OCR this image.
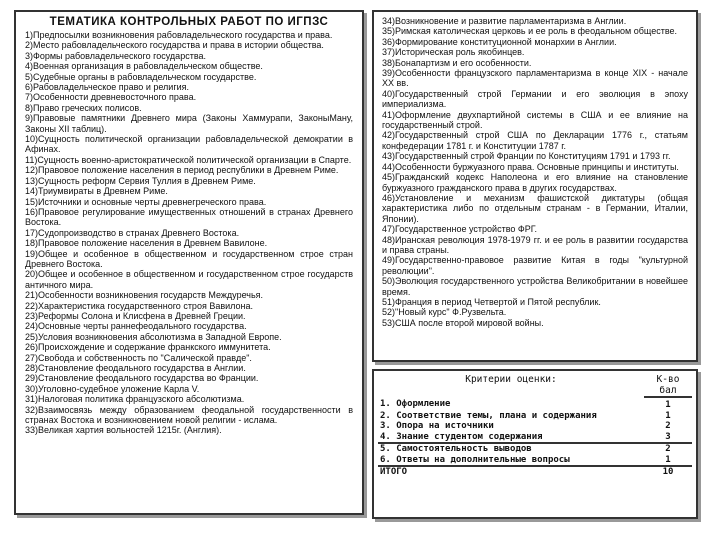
ТЕМАТИКА КОНТРОЛЬНЫХ РАБОТ ПО ИГПЗС

1)Предпосылки возникновения рабовладельческого государства и права.

2)Место рабовладельческого государства и права в истории общества.

3)Формы рабовладельческого государства.

4)Военная организация в рабовладельческом обществе.

5)Судебные органы в рабовладельческом государстве.

6)Рабовладельческое право и религия.

7)Особенности древневосточного права.

8)Право греческих полисов.

9)Правовые памятники Древнего мира (Законы Хаммурапи, ЗаконыМану, Законы XII таблиц).

10)Сущность политической организации рабовладельческой демократии в Афинах.

11)Сущность военно-аристократической политической организации в Спарте.

12)Правовое положение населения в период республики в Древнем Риме.

13)Сущность реформ Сервия Туллия в Древнем Риме.

14)Триумвираты в Древнем Риме.

15)Источники и основные черты древнегреческого права.

16)Правовое регулирование имущественных отношений в странах Древнего Востока.

17)Судопроизводство в странах Древнего Востока.

18)Правовое положение населения в Древнем Вавилоне.

19)Общее и особенное в общественном и государственном строе стран Древнего Востока.

20)Общее и особенное в общественном и государственном строе государств античного мира.

21)Особенности возникновения государств Междуречья.

22)Характеристика государственного строя Вавилона.

23)Реформы Солона и Клисфена в Древней Греции.

24)Основные черты раннефеодального государства.

25)Условия возникновения абсолютизма в Западной Европе.

26)Происхождение и содержание франкского иммунитета.

27)Свобода и собственность по "Салической правде".

28)Становление феодального государства в Англии.

29)Становление феодального государства во Франции.

30)Уголовно-судебное уложение Карла V.

31)Налоговая политика французского абсолютизма.

32)Взаимосвязь между образованием феодальной государственности в странах Востока и возникновением новой религии - ислама.

33)Великая хартия вольностей 1215г. (Англия).

34)Возникновение и развитие парламентаризма в Англии.

35)Римская католическая церковь и ее роль в феодальном обществе.

36)Формирование конституционной монархии в Англии.

37)Историческая роль якобинцев.

38)Бонапартизм и его особенности.

39)Особенности французского парламентаризма в конце XIX - начале XX вв.

40)Государственный строй Германии и его эволюция в эпоху империализма.

41)Оформление двухпартийной системы в США и ее влияние на государственный строй.

42)Государственный строй США по Декларации 1776 г., статьям конфедерации 1781 г. и Конституции 1787 г.

43)Государственный строй Франции по Конституциям 1791 и 1793 гг.

44)Особенности буржуазного права. Основные принципы и институты.

45)Гражданский кодекс Наполеона и его влияние на становление буржуазного гражданского права в других государствах.

46)Установление и механизм фашистской диктатуры (общая характеристика либо по отдельным странам - в Германии, Италии, Японии).

47)Государственное устройство ФРГ.

48)Иранская революция 1978-1979 гг. и ее роль в развитии государства и права страны.

49)Государственно-правовое развитие Китая в годы "культурной революции".

50)Эволюция государственного устройства Великобритании в новейшее время.

51)Франция в период Четвертой и Пятой республик.

52)"Новый курс" Ф.Рузвельта.

53)США после второй мировой войны.

Критерии оценки:	К-во бал
1. Оформление	1
2. Соответствие темы, плана и содержания	1
3. Опора на источники	2
4. Знание студентом содержания	3
5. Самостоятельность выводов	2
6. Ответы на дополнительные вопросы	1
ИТОГО	10
